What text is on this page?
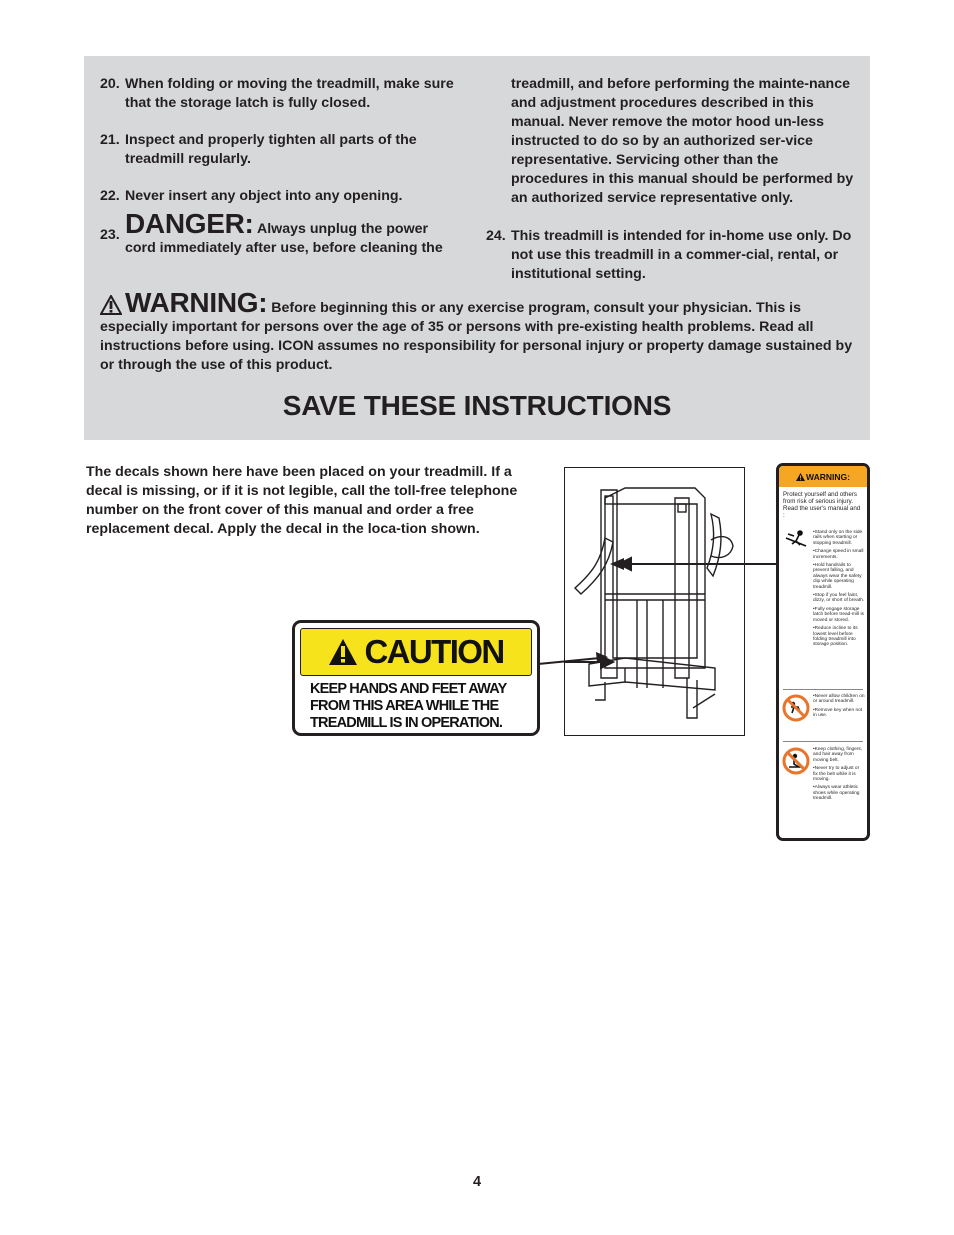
20. When folding or moving the treadmill, make sure that the storage latch is fully closed.
21. Inspect and properly tighten all parts of the treadmill regularly.
22. Never insert any object into any opening.
23. DANGER: Always unplug the power cord immediately after use, before cleaning the
treadmill, and before performing the mainte-nance and adjustment procedures described in this manual. Never remove the motor hood un-less instructed to do so by an authorized ser-vice representative. Servicing other than the procedures in this manual should be performed by an authorized service representative only.
24. This treadmill is intended for in-home use only. Do not use this treadmill in a commer-cial, rental, or institutional setting.
WARNING: Before beginning this or any exercise program, consult your physician. This is especially important for persons over the age of 35 or persons with pre-existing health problems. Read all instructions before using. ICON assumes no responsibility for personal injury or property damage sustained by or through the use of this product.
SAVE THESE INSTRUCTIONS
The decals shown here have been placed on your treadmill. If a decal is missing, or if it is not legible, call the toll-free telephone number on the front cover of this manual and order a free replacement decal. Apply the decal in the loca-tion shown.
CAUTION
KEEP HANDS AND FEET AWAY
FROM THIS AREA WHILE THE
TREADMILL IS IN OPERATION.
WARNING:
Protect yourself and others from risk of serious injury. Read the user's manual and :
•Stand only on the side rails when starting or stopping treadmill.
•Change speed in small increments.
•Hold handrails to prevent falling, and always wear the safety clip while operating treadmill.
•Stop if you feel faint, dizzy, or short of breath.
•Fully engage storage latch before tread-mill is moved or stored.
•Reduce incline to its lowest level before folding treadmill into storage position.
•Never allow children on or around treadmill.
•Remove key when not in use.
•Keep clothing, fingers, and hair away from moving belt.
•Never try to adjust or fix the belt while it is moving.
•Always wear athletic shoes while operating treadmill.
4
